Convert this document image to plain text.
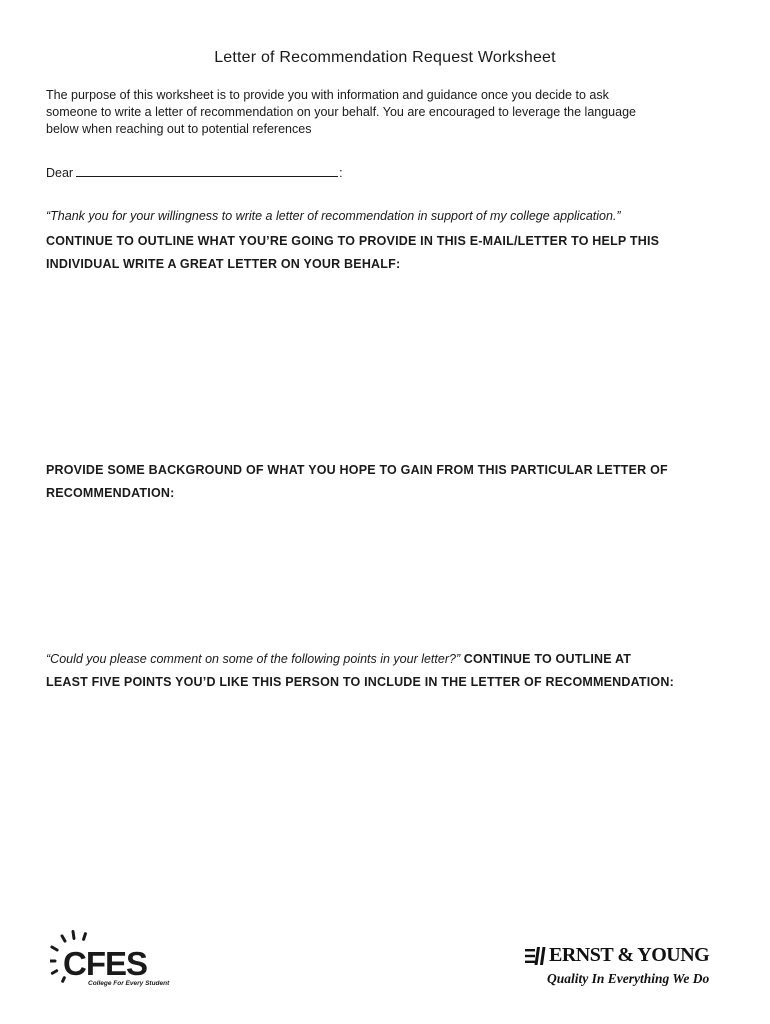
Letter of Recommendation Request Worksheet

The purpose of this worksheet is to provide you with information and guidance once you decide to ask
someone to write a letter of recommendation on your behalf. You are encouraged to leverage the language
below when reaching out to potential references

Dear	:
“Thank you for your willingness to write a letter of recommendation in support of my college application.”

CONTINUE TO OUTLINE WHAT YOU’RE GOING TO PROVIDE IN THIS E-MAIL/LETTER TO HELP THIS
INDIVIDUAL WRITE A GREAT LETTER ON YOUR BEHALF:

PROVIDE SOME BACKGROUND OF WHAT YOU HOPE TO GAIN FROM THIS PARTICULAR LETTER OF
RECOMMENDATION:

“Could you please comment on some of the following points in your letter?” CONTINUE TO OUTLINE AT
LEAST FIVE POINTS YOU’D LIKE THIS PERSON TO INCLUDE IN THE LETTER OF RECOMMENDATION:

CFES
College For Every Student
ERNST & YOUNG
Quality In Everything We Do
